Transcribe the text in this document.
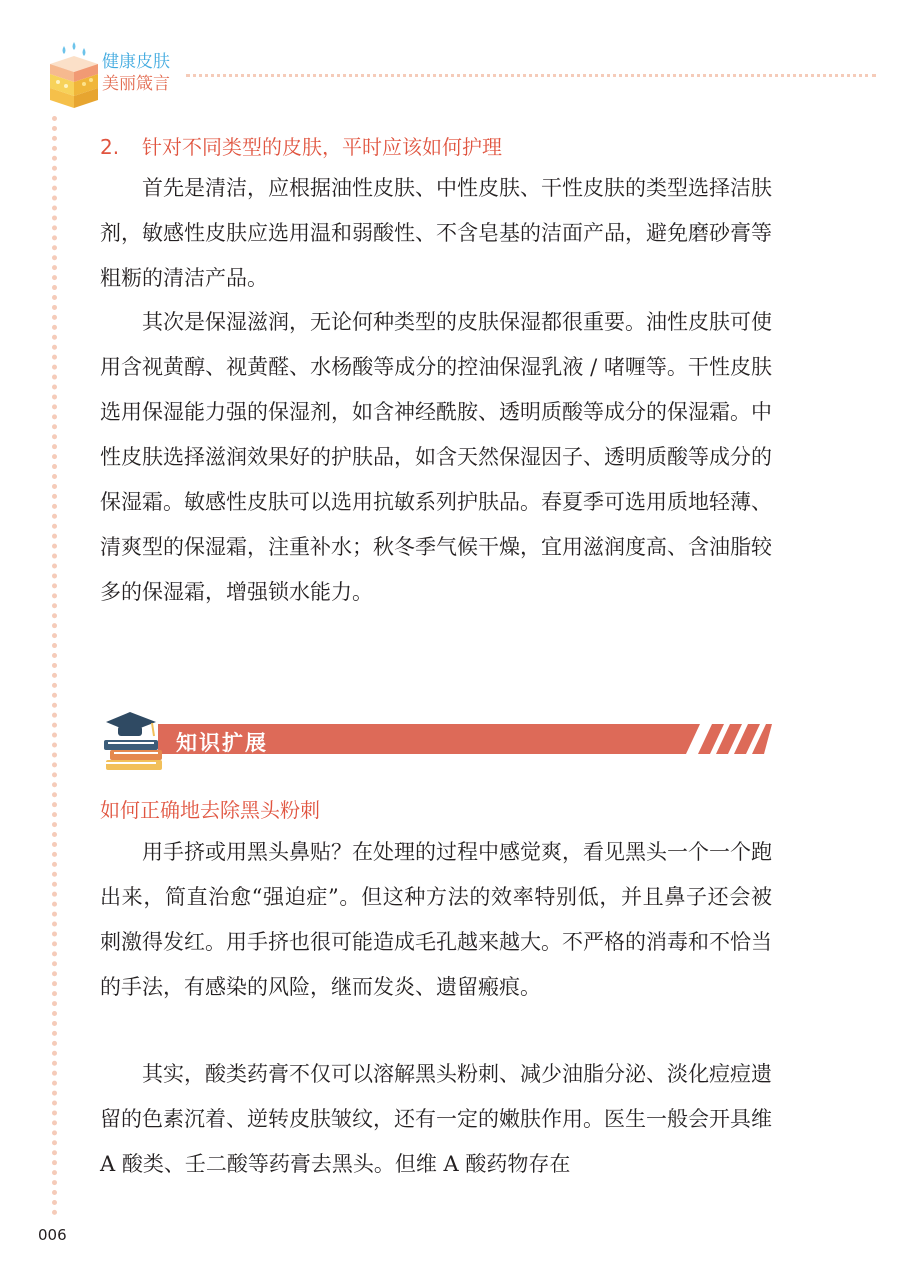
健康皮肤
美丽箴言
2. 针对不同类型的皮肤，平时应该如何护理

首先是清洁，应根据油性皮肤、中性皮肤、干性皮肤的类型选择洁肤剂，敏感性皮肤应选用温和弱酸性、不含皂基的洁面产品，避免磨砂膏等粗粝的清洁产品。

其次是保湿滋润，无论何种类型的皮肤保湿都很重要。油性皮肤可使用含视黄醇、视黄醛、水杨酸等成分的控油保湿乳液 / 啫喱等。干性皮肤选用保湿能力强的保湿剂，如含神经酰胺、透明质酸等成分的保湿霜。中性皮肤选择滋润效果好的护肤品，如含天然保湿因子、透明质酸等成分的保湿霜。敏感性皮肤可以选用抗敏系列护肤品。春夏季可选用质地轻薄、清爽型的保湿霜，注重补水；秋冬季气候干燥，宜用滋润度高、含油脂较多的保湿霜，增强锁水能力。

知识扩展
如何正确地去除黑头粉刺

用手挤或用黑头鼻贴？在处理的过程中感觉爽，看见黑头一个一个跑出来，简直治愈“强迫症”。但这种方法的效率特别低，并且鼻子还会被刺激得发红。用手挤也很可能造成毛孔越来越大。不严格的消毒和不恰当的手法，有感染的风险，继而发炎、遗留瘢痕。

其实，酸类药膏不仅可以溶解黑头粉刺、减少油脂分泌、淡化痘痘遗留的色素沉着、逆转皮肤皱纹，还有一定的嫩肤作用。医生一般会开具维 A 酸类、壬二酸等药膏去黑头。但维 A 酸药物存在

006
